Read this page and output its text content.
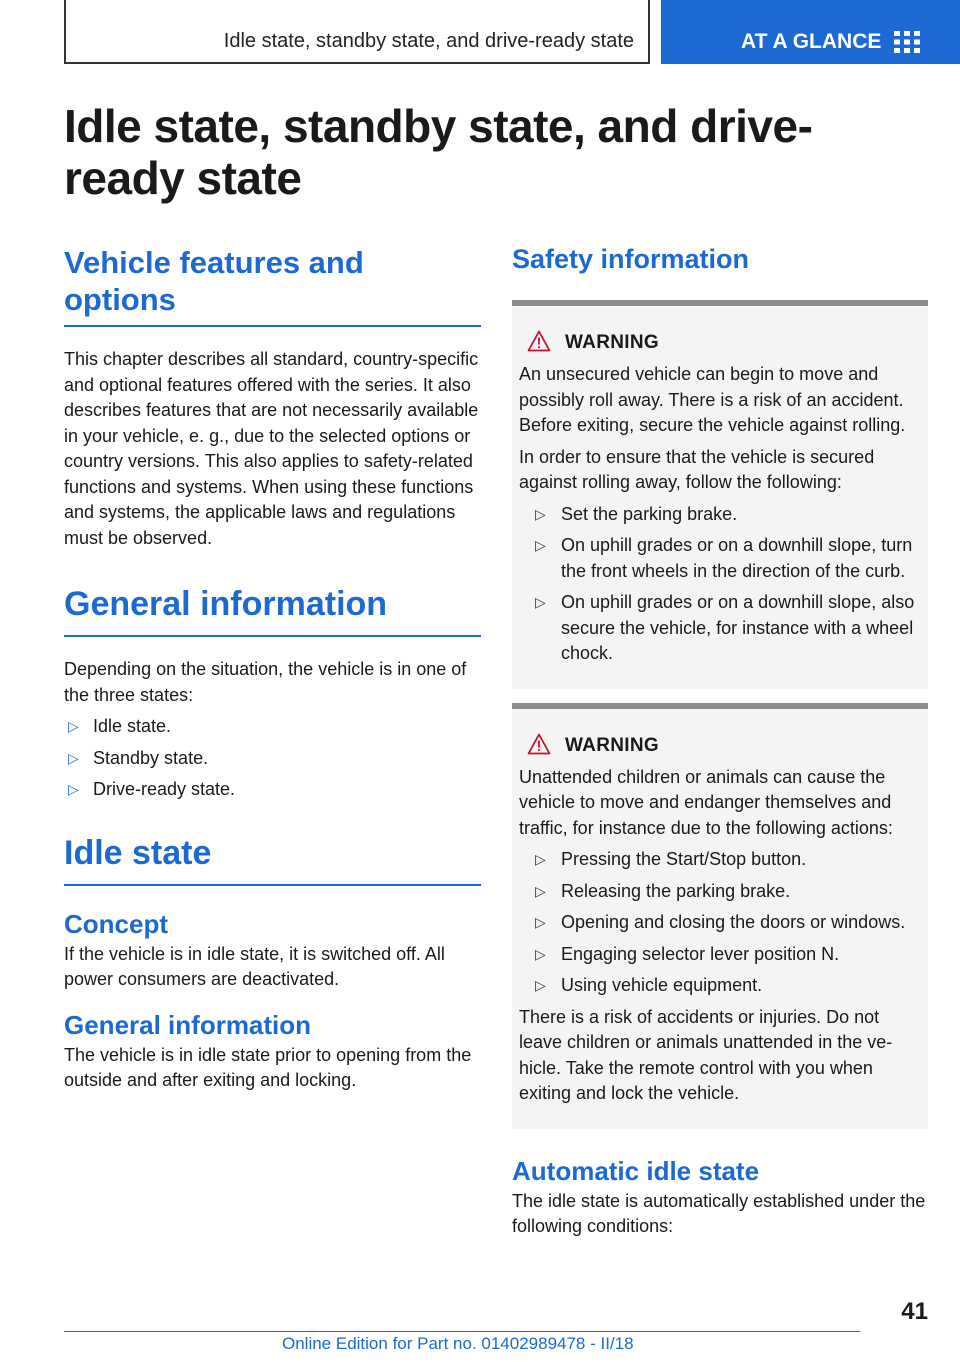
Idle state, standby state, and drive-ready state	AT A GLANCE
Idle state, standby state, and drive-ready state
Vehicle features and options

This chapter describes all standard, country-specific and optional features offered with the series. It also describes features that are not necessarily available in your vehicle, e. g., due to the selected options or country versions. This also applies to safety-related functions and systems. When using these functions and systems, the applicable laws and regulations must be observed.

General information

Depending on the situation, the vehicle is in one of the three states:

▷ Idle state.
▷ Standby state.
▷ Drive-ready state.
Idle state
Concept

If the vehicle is in idle state, it is switched off. All power consumers are deactivated.

General information

The vehicle is in idle state prior to opening from the outside and after exiting and locking.

Safety information
WARNING

An unsecured vehicle can begin to move and possibly roll away. There is a risk of an accident. Before exiting, secure the vehicle against rolling.

In order to ensure that the vehicle is secured against rolling away, follow the following:

▷ Set the parking brake.
▷ On uphill grades or on a downhill slope, turn the front wheels in the direction of the curb.
▷ On uphill grades or on a downhill slope, also secure the vehicle, for instance with a wheel chock.
WARNING

Unattended children or animals can cause the vehicle to move and endanger themselves and traffic, for instance due to the following actions:

▷ Pressing the Start/Stop button.
▷ Releasing the parking brake.
▷ Opening and closing the doors or windows.
▷ Engaging selector lever position N.
▷ Using vehicle equipment.

There is a risk of accidents or injuries. Do not leave children or animals unattended in the vehicle. Take the remote control with you when exiting and lock the vehicle.

Automatic idle state

The idle state is automatically established under the following conditions:

41
Online Edition for Part no. 01402989478 - II/18
